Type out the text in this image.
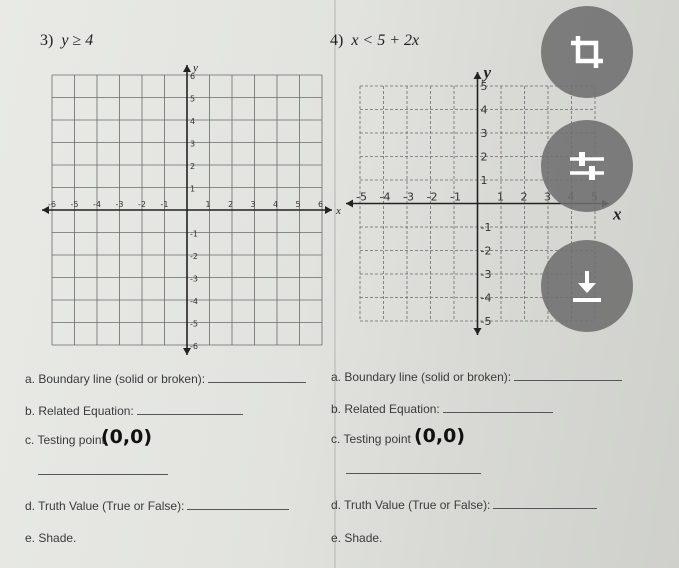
3) y ≥ 4	4) x < 5 + 2x
x
y
-6 -5 -4 -3 -2 -1	1 2 3 4 5 6
6
5
4
3
2
1
-1
-2
-3
-4
-5
-6
x
y
-5 -4 -3 -2 -1	1 2 3
5
4
3
2
1
-1
-2
-3
-4
-5
a. Boundary line (solid or broken):
b. Related Equation:
c. Testing point
(0,0)
d. Truth Value (True or False):
e. Shade.
a. Boundary line (solid or broken):
b. Related Equation:
c. Testing point (0,0)
d. Truth Value (True or False):
e. Shade.
